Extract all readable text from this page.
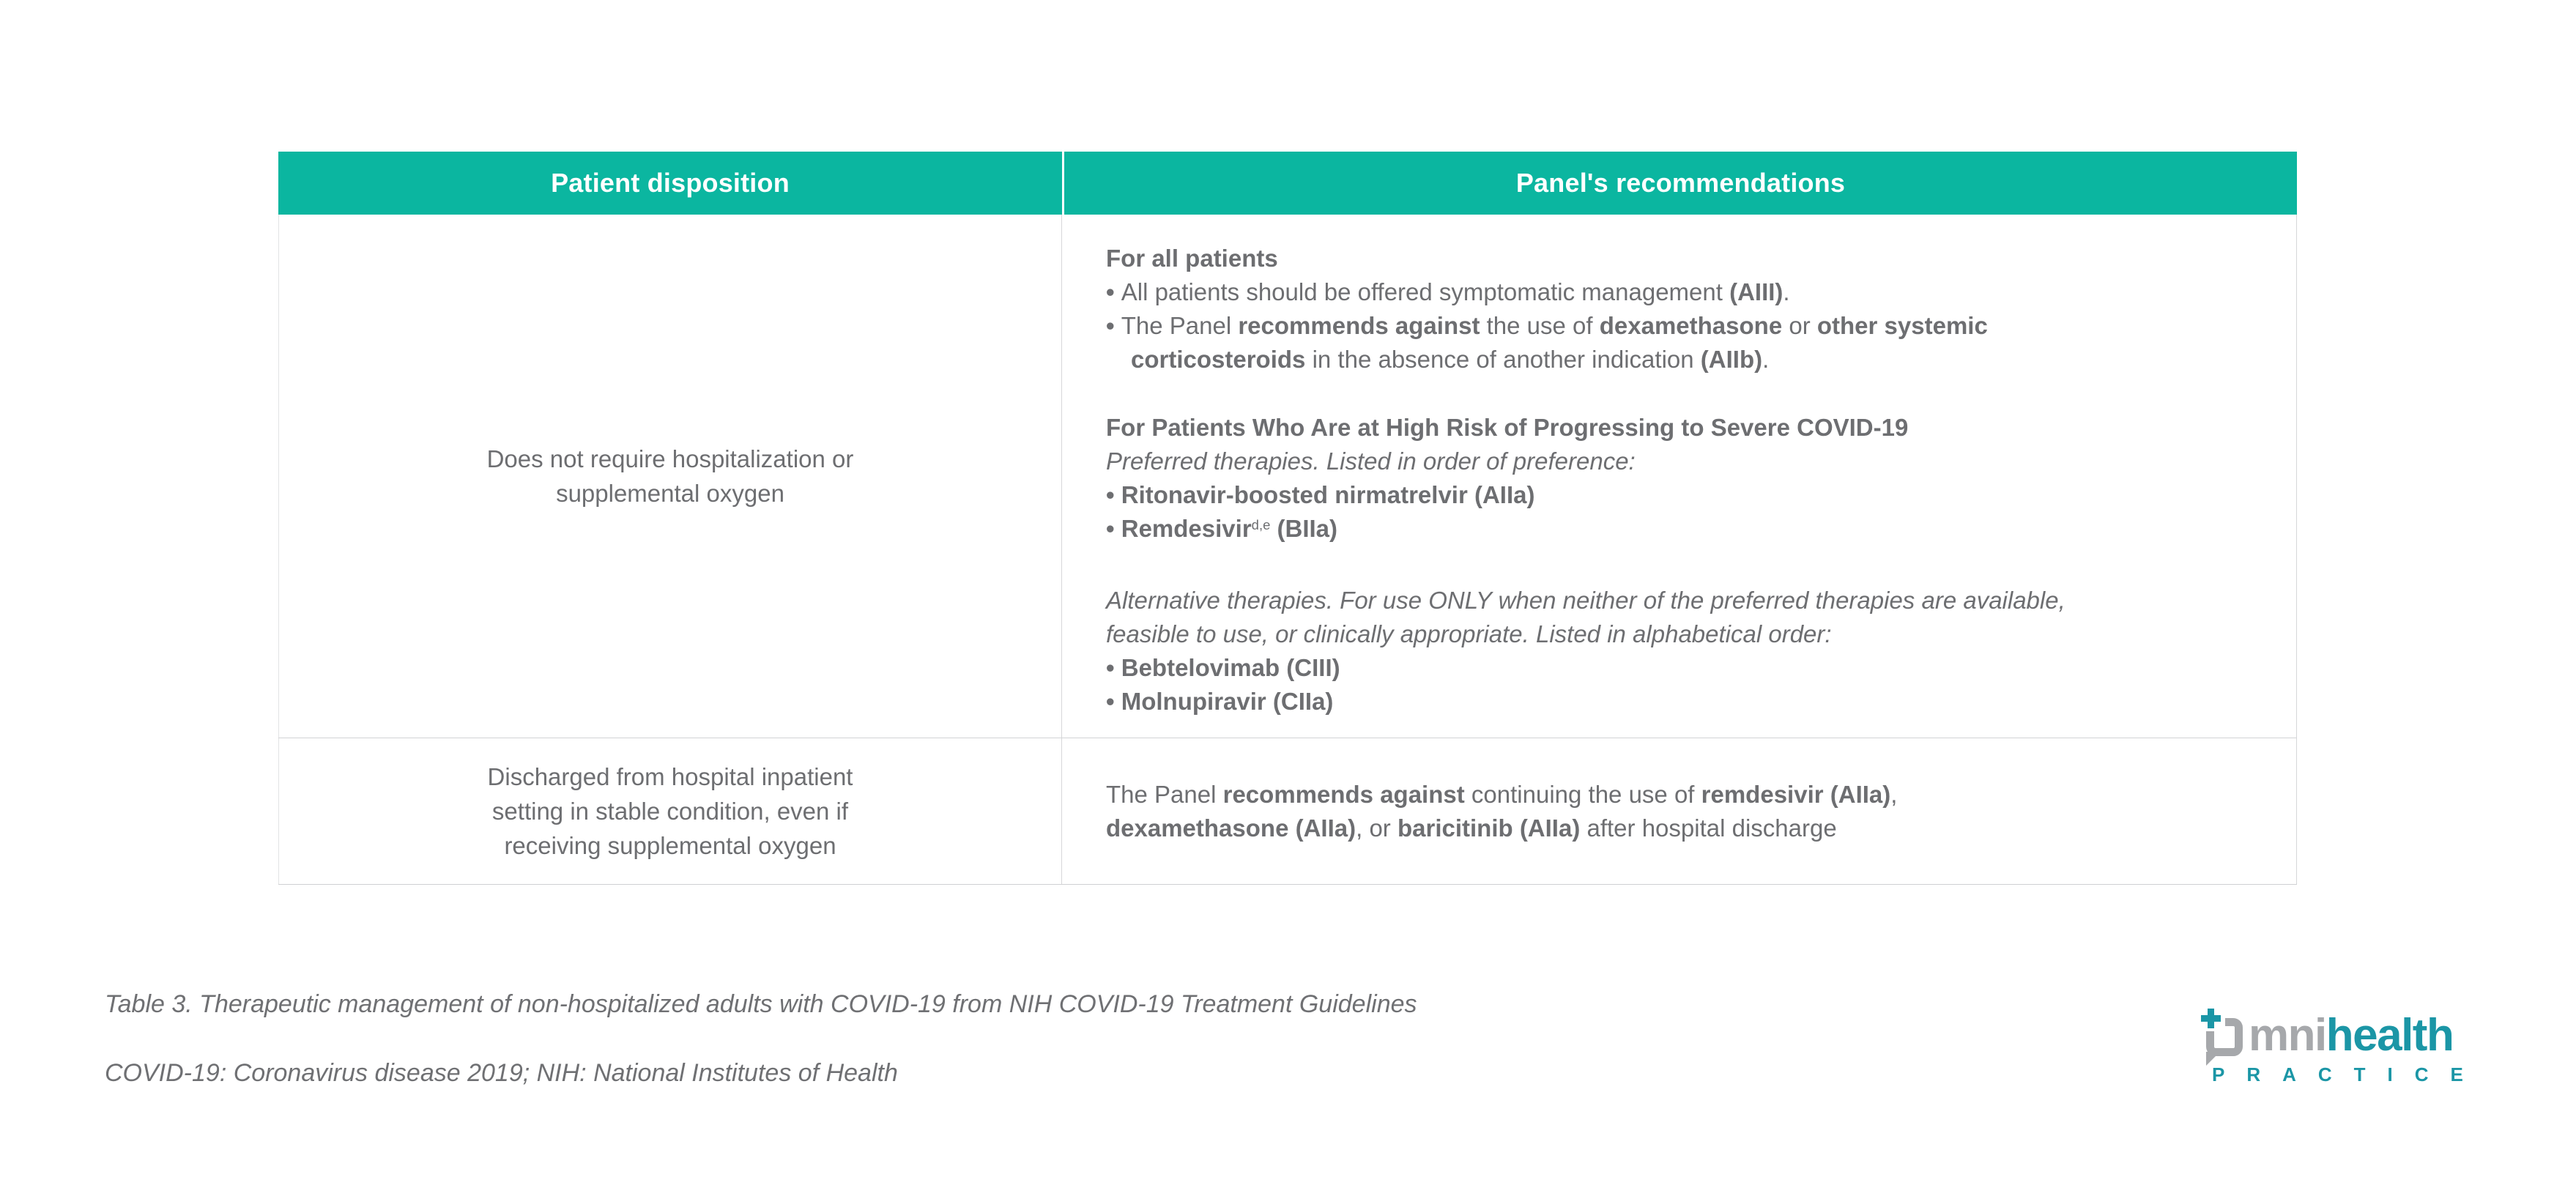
Patient disposition	Panel's recommendations
Does not require hospitalization or
supplemental oxygen
For all patients
• All patients should be offered symptomatic management (AIII).
• The Panel recommends against the use of dexamethasone or other systemic
corticosteroids in the absence of another indication (AIIb).
For Patients Who Are at High Risk of Progressing to Severe COVID-19
Preferred therapies. Listed in order of preference:
• Ritonavir-boosted nirmatrelvir (AIIa)
• Remdesivir$^{d,e}$ (BIIa)
Alternative therapies. For use ONLY when neither of the preferred therapies are available,
feasible to use, or clinically appropriate. Listed in alphabetical order:
• Bebtelovimab (CIII)
• Molnupiravir (CIIa)
Discharged from hospital inpatient
setting in stable condition, even if
receiving supplemental oxygen
The Panel recommends against continuing the use of remdesivir (AIIa),
dexamethasone (AIIa), or baricitinib (AIIa) after hospital discharge
Table 3. Therapeutic management of non-hospitalized adults with COVID-19 from NIH COVID-19 Treatment Guidelines
COVID-19: Coronavirus disease 2019; NIH: National Institutes of Health
mnihealth
PRACTICE
